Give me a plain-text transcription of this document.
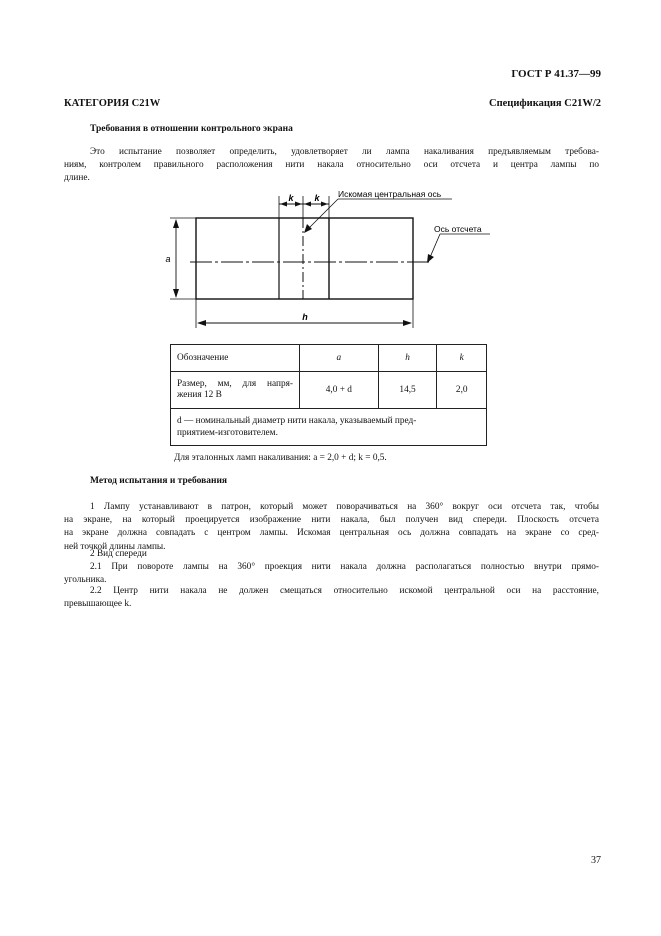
ГОСТ Р 41.37—99
КАТЕГОРИЯ C21W	Спецификация C21W/2
Требования в отношении контрольного экрана
Это испытание позволяет определить, удовлетворяет ли лампа накаливания предъявляемым требова-
ниям, контролем правильного расположения нити накала относительно оси отсчета и центра лампы по
длине.
a
h
k k Искомая центральная ось
Ось отсчета
Обозначение	a	h	k

Размер, мм, для напря-
жения 12 В	4,0 + d	14,5	2,0

d — номинальный диаметр нити накала, указываемый пред-
приятием-изготовителем.			
Для эталонных ламп накаливания: a = 2,0 + d; k = 0,5.
Метод испытания и требования
1 Лампу устанавливают в патрон, который может поворачиваться на 360° вокруг оси отсчета так, чтобы
на экране, на который проецируется изображение нити накала, был получен вид спереди. Плоскость отсчета
на экране должна совпадать с центром лампы. Искомая центральная ось должна совпадать на экране со сред-
ней точкой длины лампы.
2 Вид спереди
2.1 При повороте лампы на 360° проекция нити накала должна располагаться полностью внутри прямо-
угольника.
2.2 Центр нити накала не должен смещаться относительно искомой центральной оси на расстояние,
превышающее k.
37
